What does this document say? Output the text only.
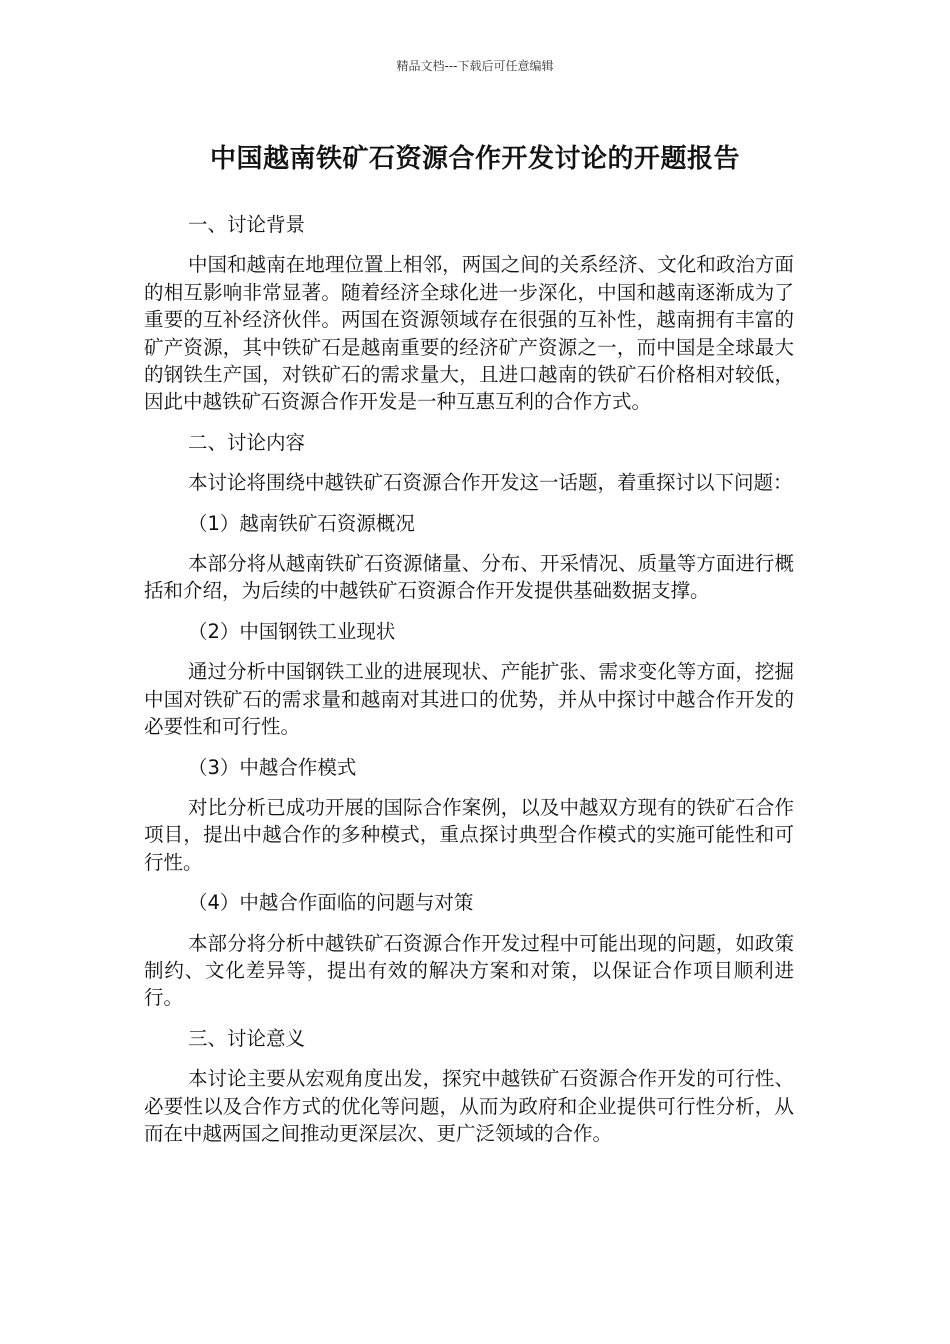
精品文档---下载后可任意编辑
中国越南铁矿石资源合作开发讨论的开题报告

一、讨论背景

中国和越南在地理位置上相邻，两国之间的关系经济、文化和政治方面的相互影响非常显著。随着经济全球化进一步深化，中国和越南逐渐成为了重要的互补经济伙伴。两国在资源领域存在很强的互补性，越南拥有丰富的矿产资源，其中铁矿石是越南重要的经济矿产资源之一，而中国是全球最大的钢铁生产国，对铁矿石的需求量大，且进口越南的铁矿石价格相对较低，因此中越铁矿石资源合作开发是一种互惠互利的合作方式。

二、讨论内容

本讨论将围绕中越铁矿石资源合作开发这一话题，着重探讨以下问题：

（1）越南铁矿石资源概况

本部分将从越南铁矿石资源储量、分布、开采情况、质量等方面进行概括和介绍，为后续的中越铁矿石资源合作开发提供基础数据支撑。

（2）中国钢铁工业现状

通过分析中国钢铁工业的进展现状、产能扩张、需求变化等方面，挖掘中国对铁矿石的需求量和越南对其进口的优势，并从中探讨中越合作开发的必要性和可行性。

（3）中越合作模式

对比分析已成功开展的国际合作案例，以及中越双方现有的铁矿石合作项目，提出中越合作的多种模式，重点探讨典型合作模式的实施可能性和可行性。

（4）中越合作面临的问题与对策

本部分将分析中越铁矿石资源合作开发过程中可能出现的问题，如政策制约、文化差异等，提出有效的解决方案和对策，以保证合作项目顺利进行。

三、讨论意义

本讨论主要从宏观角度出发，探究中越铁矿石资源合作开发的可行性、必要性以及合作方式的优化等问题，从而为政府和企业提供可行性分析，从而在中越两国之间推动更深层次、更广泛领域的合作。
